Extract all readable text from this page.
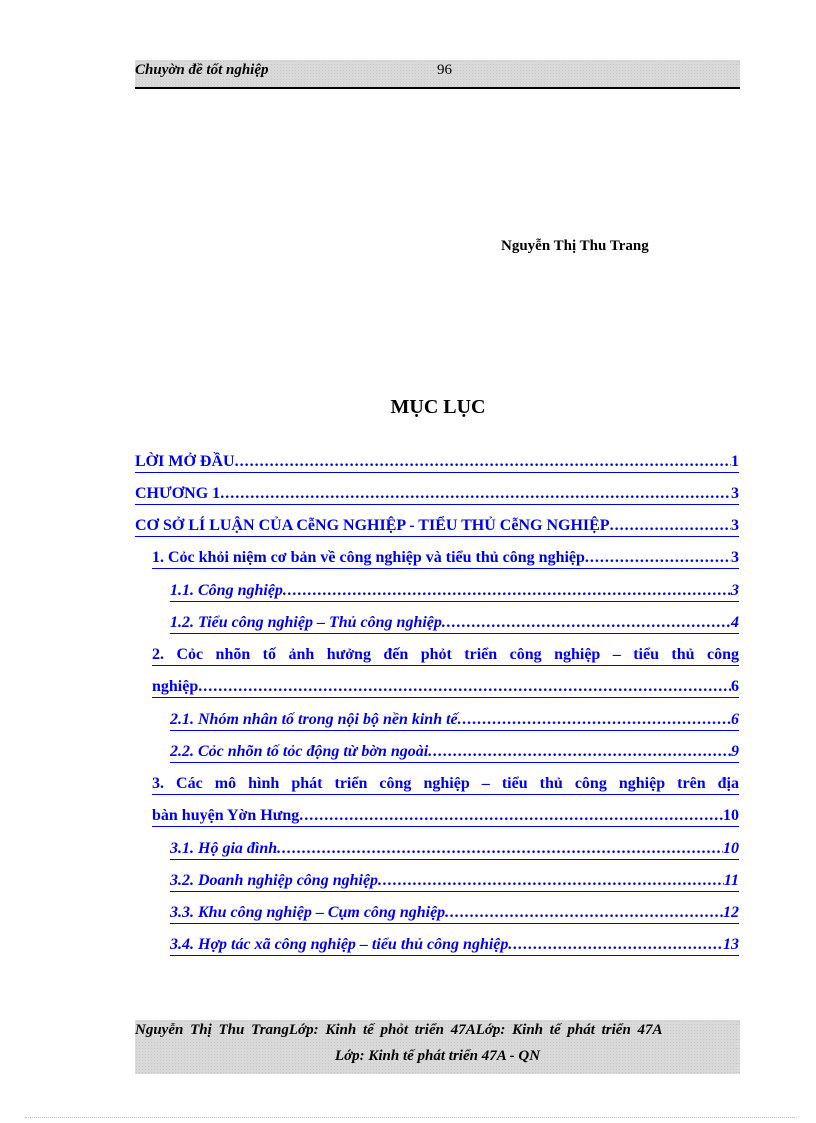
Chuyờn đề tốt nghiệp	96
Nguyễn Thị Thu Trang
MỤC LỤC
LỜI MỞ ĐẦU .....	1
CHƯƠNG 1 .....	3
CƠ SỞ LÍ LUẬN CỦA CễNG NGHIỆP - TIỂU THỦ CễNG NGHIỆP .....	3
1. Cỏc khỏi niệm cơ bản về công nghiệp và tiểu thủ công nghiệp .....	3
1.1. Công nghiệp .....	3
1.2. Tiểu công nghiệp – Thủ công nghiệp .....	4
2. Cỏc nhõn tố ảnh hưởng đến phỏt triển công nghiệp – tiểu thủ công
nghiệp .....	6
2.1. Nhóm nhân tố trong nội bộ nền kinh tế .....	6
2.2. Cỏc nhõn tố tỏc động từ bờn ngoài .....	9
3. Các mô hình phát triển công nghiệp – tiểu thủ công nghiệp trên địa
bàn huyện Yờn Hưng .....	10
3.1. Hộ gia đình .....	10
3.2. Doanh nghiệp công nghiệp .....	11
3.3. Khu công nghiệp – Cụm công nghiệp .....	12
3.4. Hợp tác xã công nghiệp – tiểu thủ công nghiệp .....	13
Nguyễn Thị Thu TrangLớp: Kinh tế phỏt triển 47ALớp: Kinh tế phát triển 47A
Lớp: Kinh tế phát triển 47A - QN
